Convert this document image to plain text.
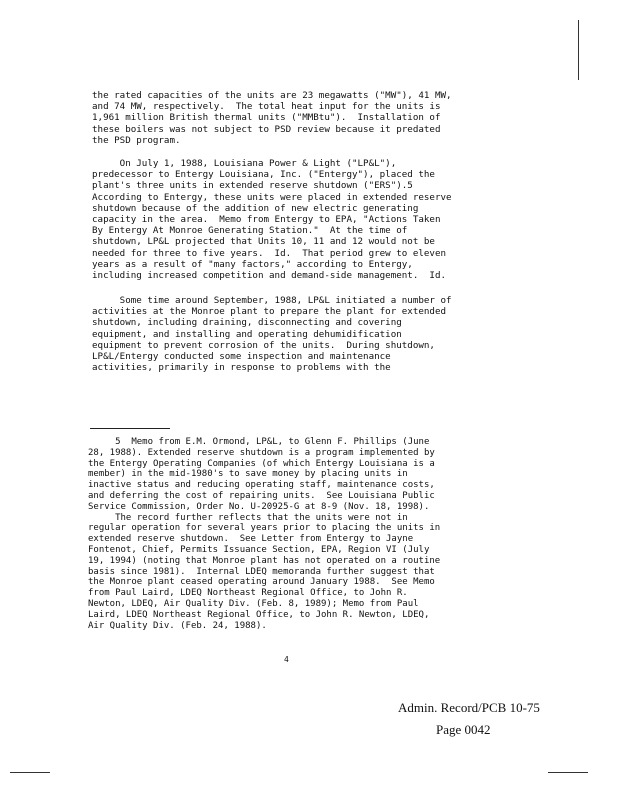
the rated capacities of the units are 23 megawatts ("MW"), 41 MW,
and 74 MW, respectively.  The total heat input for the units is
1,961 million British thermal units ("MMBtu").  Installation of
these boilers was not subject to PSD review because it predated
the PSD program.
On July 1, 1988, Louisiana Power & Light ("LP&L"),
predecessor to Entergy Louisiana, Inc. ("Entergy"), placed the
plant's three units in extended reserve shutdown ("ERS").5
According to Entergy, these units were placed in extended reserve
shutdown because of the addition of new electric generating
capacity in the area.  Memo from Entergy to EPA, "Actions Taken
By Entergy At Monroe Generating Station."  At the time of
shutdown, LP&L projected that Units 10, 11 and 12 would not be
needed for three to five years.  Id.  That period grew to eleven
years as a result of "many factors," according to Entergy,
including increased competition and demand-side management.  Id.
Some time around September, 1988, LP&L initiated a number of
activities at the Monroe plant to prepare the plant for extended
shutdown, including draining, disconnecting and covering
equipment, and installing and operating dehumidification
equipment to prevent corrosion of the units.  During shutdown,
LP&L/Entergy conducted some inspection and maintenance
activities, primarily in response to problems with the
5  Memo from E.M. Ormond, LP&L, to Glenn F. Phillips (June
28, 1988). Extended reserve shutdown is a program implemented by
the Entergy Operating Companies (of which Entergy Louisiana is a
member) in the mid-1980's to save money by placing units in
inactive status and reducing operating staff, maintenance costs,
and deferring the cost of repairing units.  See Louisiana Public
Service Commission, Order No. U-20925-G at 8-9 (Nov. 18, 1998).
The record further reflects that the units were not in
regular operation for several years prior to placing the units in
extended reserve shutdown.  See Letter from Entergy to Jayne
Fontenot, Chief, Permits Issuance Section, EPA, Region VI (July
19, 1994) (noting that Monroe plant has not operated on a routine
basis since 1981).  Internal LDEQ memoranda further suggest that
the Monroe plant ceased operating around January 1988.  See Memo
from Paul Laird, LDEQ Northeast Regional Office, to John R.
Newton, LDEQ, Air Quality Div. (Feb. 8, 1989); Memo from Paul
Laird, LDEQ Northeast Regional Office, to John R. Newton, LDEQ,
Air Quality Div. (Feb. 24, 1988).
4
Admin. Record/PCB 10-75
Page 0042
